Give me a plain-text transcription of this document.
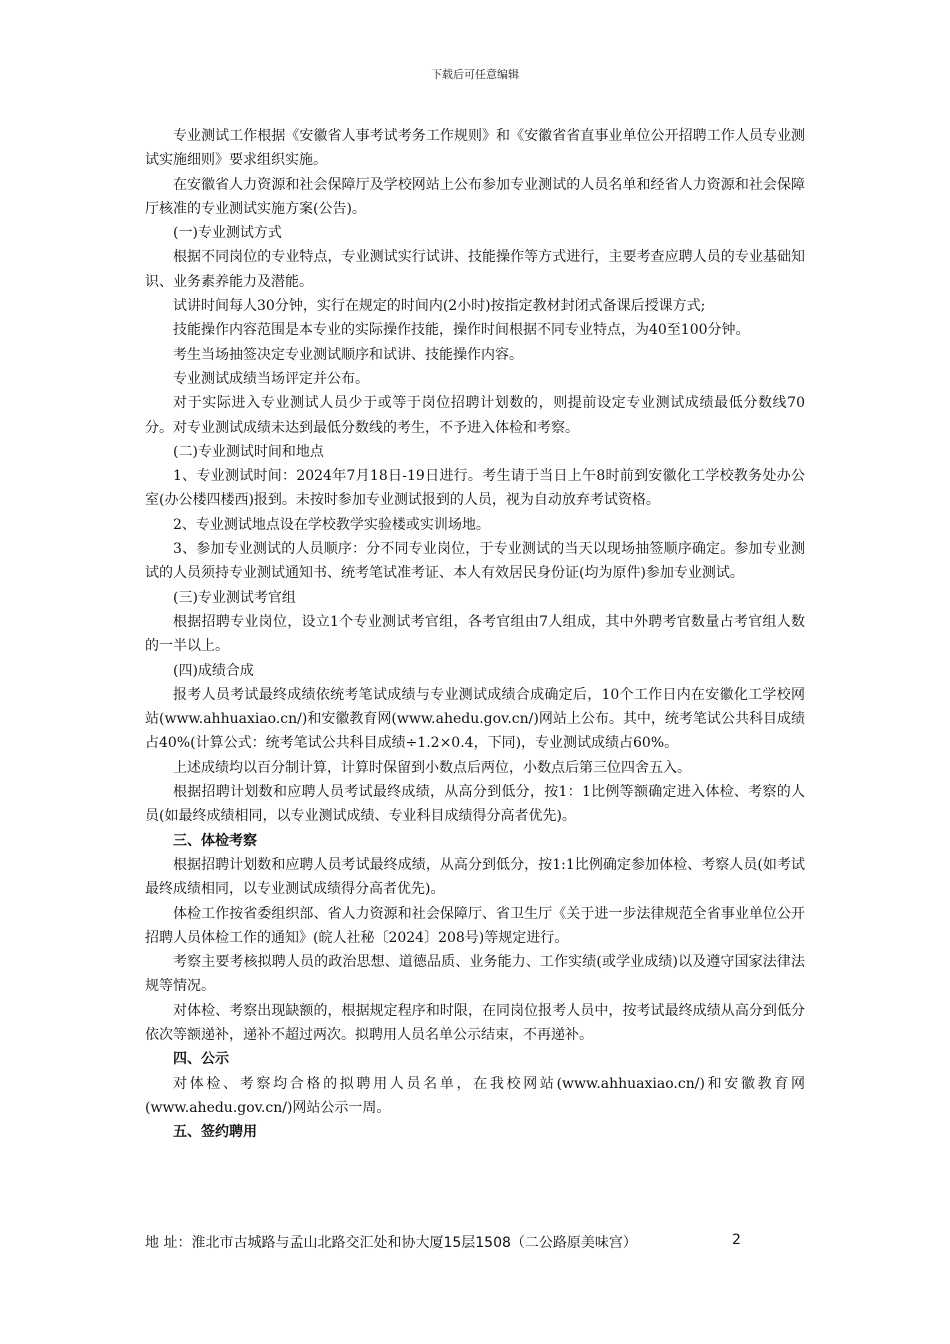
下载后可任意编辑

专业测试工作根据《安徽省人事考试考务工作规则》和《安徽省省直事业单位公开招聘工作人员专业测试实施细则》要求组织实施。

在安徽省人力资源和社会保障厅及学校网站上公布参加专业测试的人员名单和经省人力资源和社会保障厅核准的专业测试实施方案(公告)。

(一)专业测试方式

根据不同岗位的专业特点，专业测试实行试讲、技能操作等方式进行，主要考查应聘人员的专业基础知识、业务素养能力及潜能。

试讲时间每人30分钟，实行在规定的时间内(2小时)按指定教材封闭式备课后授课方式;

技能操作内容范围是本专业的实际操作技能，操作时间根据不同专业特点，为40至100分钟。

考生当场抽签决定专业测试顺序和试讲、技能操作内容。

专业测试成绩当场评定并公布。

对于实际进入专业测试人员少于或等于岗位招聘计划数的，则提前设定专业测试成绩最低分数线70分。对专业测试成绩未达到最低分数线的考生，不予进入体检和考察。

(二)专业测试时间和地点

1、专业测试时间：2024年7月18日-19日进行。考生请于当日上午8时前到安徽化工学校教务处办公室(办公楼四楼西)报到。未按时参加专业测试报到的人员，视为自动放弃考试资格。

2、专业测试地点设在学校教学实验楼或实训场地。

3、参加专业测试的人员顺序：分不同专业岗位，于专业测试的当天以现场抽签顺序确定。参加专业测试的人员须持专业测试通知书、统考笔试准考证、本人有效居民身份证(均为原件)参加专业测试。

(三)专业测试考官组

根据招聘专业岗位，设立1个专业测试考官组，各考官组由7人组成，其中外聘考官数量占考官组人数的一半以上。

(四)成绩合成

报考人员考试最终成绩依统考笔试成绩与专业测试成绩合成确定后，10个工作日内在安徽化工学校网站(www.ahhuaxiao.cn/)和安徽教育网(www.ahedu.gov.cn/)网站上公布。其中，统考笔试公共科目成绩占40%(计算公式：统考笔试公共科目成绩÷1.2×0.4，下同)，专业测试成绩占60%。

上述成绩均以百分制计算，计算时保留到小数点后两位，小数点后第三位四舍五入。

根据招聘计划数和应聘人员考试最终成绩，从高分到低分，按1：1比例等额确定进入体检、考察的人员(如最终成绩相同，以专业测试成绩、专业科目成绩得分高者优先)。

三、体检考察

根据招聘计划数和应聘人员考试最终成绩，从高分到低分，按1:1比例确定参加体检、考察人员(如考试最终成绩相同，以专业测试成绩得分高者优先)。

体检工作按省委组织部、省人力资源和社会保障厅、省卫生厅《关于进一步法律规范全省事业单位公开招聘人员体检工作的通知》(皖人社秘〔2024〕208号)等规定进行。

考察主要考核拟聘人员的政治思想、道德品质、业务能力、工作实绩(或学业成绩)以及遵守国家法律法规等情况。

对体检、考察出现缺额的，根据规定程序和时限，在同岗位报考人员中，按考试最终成绩从高分到低分依次等额递补，递补不超过两次。拟聘用人员名单公示结束，不再递补。

四、公示

对体检、考察均合格的拟聘用人员名单，在我校网站(www.ahhuaxiao.cn/)和安徽教育网(www.ahedu.gov.cn/)网站公示一周。

五、签约聘用

地 址：淮北市古城路与孟山北路交汇处和协大厦15层1508（二公路原美味宫）	2
